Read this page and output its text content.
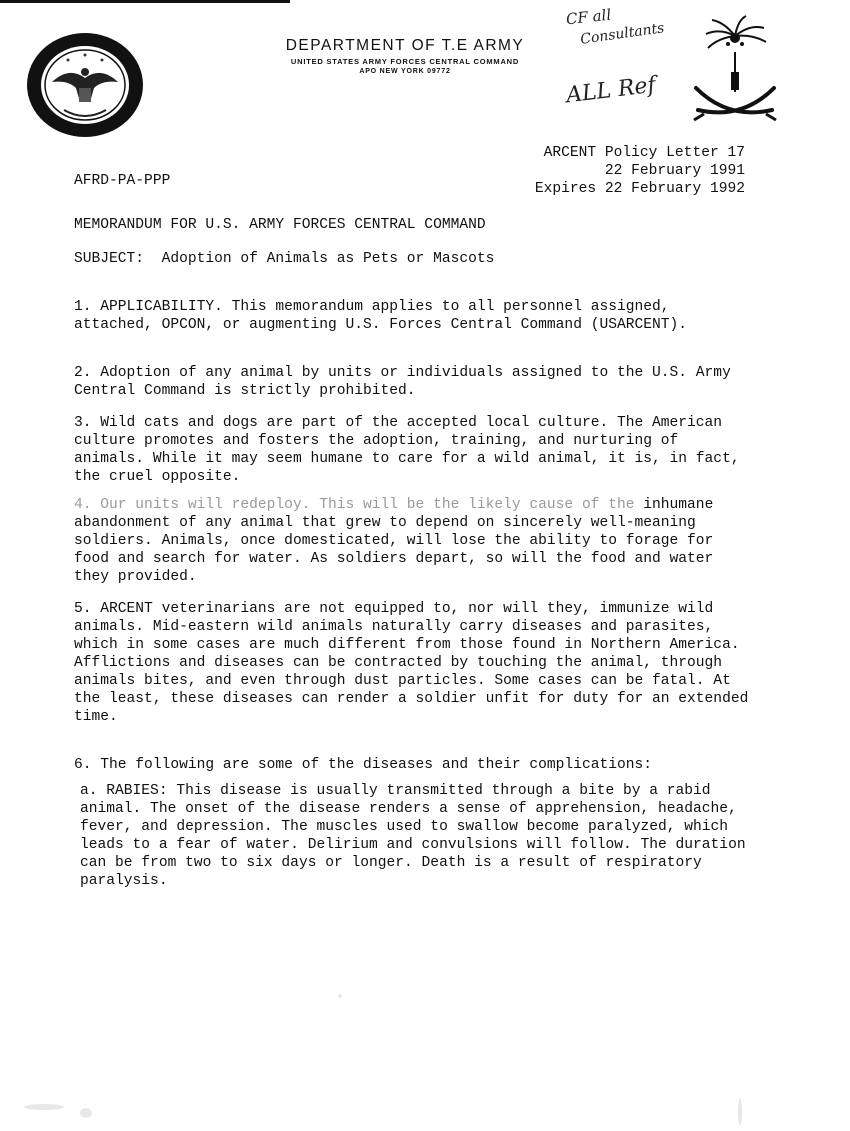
DEPARTMENT OF T.E ARMY
UNITED STATES ARMY FORCES CENTRAL COMMAND
APO NEW YORK 09772
CF all
Consultants
ALL Ref
ARCENT Policy Letter 17
22 February 1991
Expires 22 February 1992
AFRD-PA-PPP
MEMORANDUM FOR U.S. ARMY FORCES CENTRAL COMMAND
SUBJECT:  Adoption of Animals as Pets or Mascots
1. APPLICABILITY. This memorandum applies to all personnel assigned, attached, OPCON, or augmenting U.S. Forces Central Command (USARCENT).
2. Adoption of any animal by units or individuals assigned to the U.S. Army Central Command is strictly prohibited.
3. Wild cats and dogs are part of the accepted local culture. The American culture promotes and fosters the adoption, training, and nurturing of animals. While it may seem humane to care for a wild animal, it is, in fact, the cruel opposite.
4. Our units will redeploy. This will be the likely cause of the inhumane abandonment of any animal that grew to depend on sincerely well-meaning soldiers. Animals, once domesticated, will lose the ability to forage for food and search for water. As soldiers depart, so will the food and water they provided.
5. ARCENT veterinarians are not equipped to, nor will they, immunize wild animals. Mid-eastern wild animals naturally carry diseases and parasites, which in some cases are much different from those found in Northern America. Afflictions and diseases can be contracted by touching the animal, through animals bites, and even through dust particles. Some cases can be fatal. At the least, these diseases can render a soldier unfit for duty for an extended time.
6. The following are some of the diseases and their complications:
a. RABIES: This disease is usually transmitted through a bite by a rabid animal. The onset of the disease renders a sense of apprehension, headache, fever, and depression. The muscles used to swallow become paralyzed, which leads to a fear of water. Delirium and convulsions will follow. The duration can be from two to six days or longer. Death is a result of respiratory paralysis.
